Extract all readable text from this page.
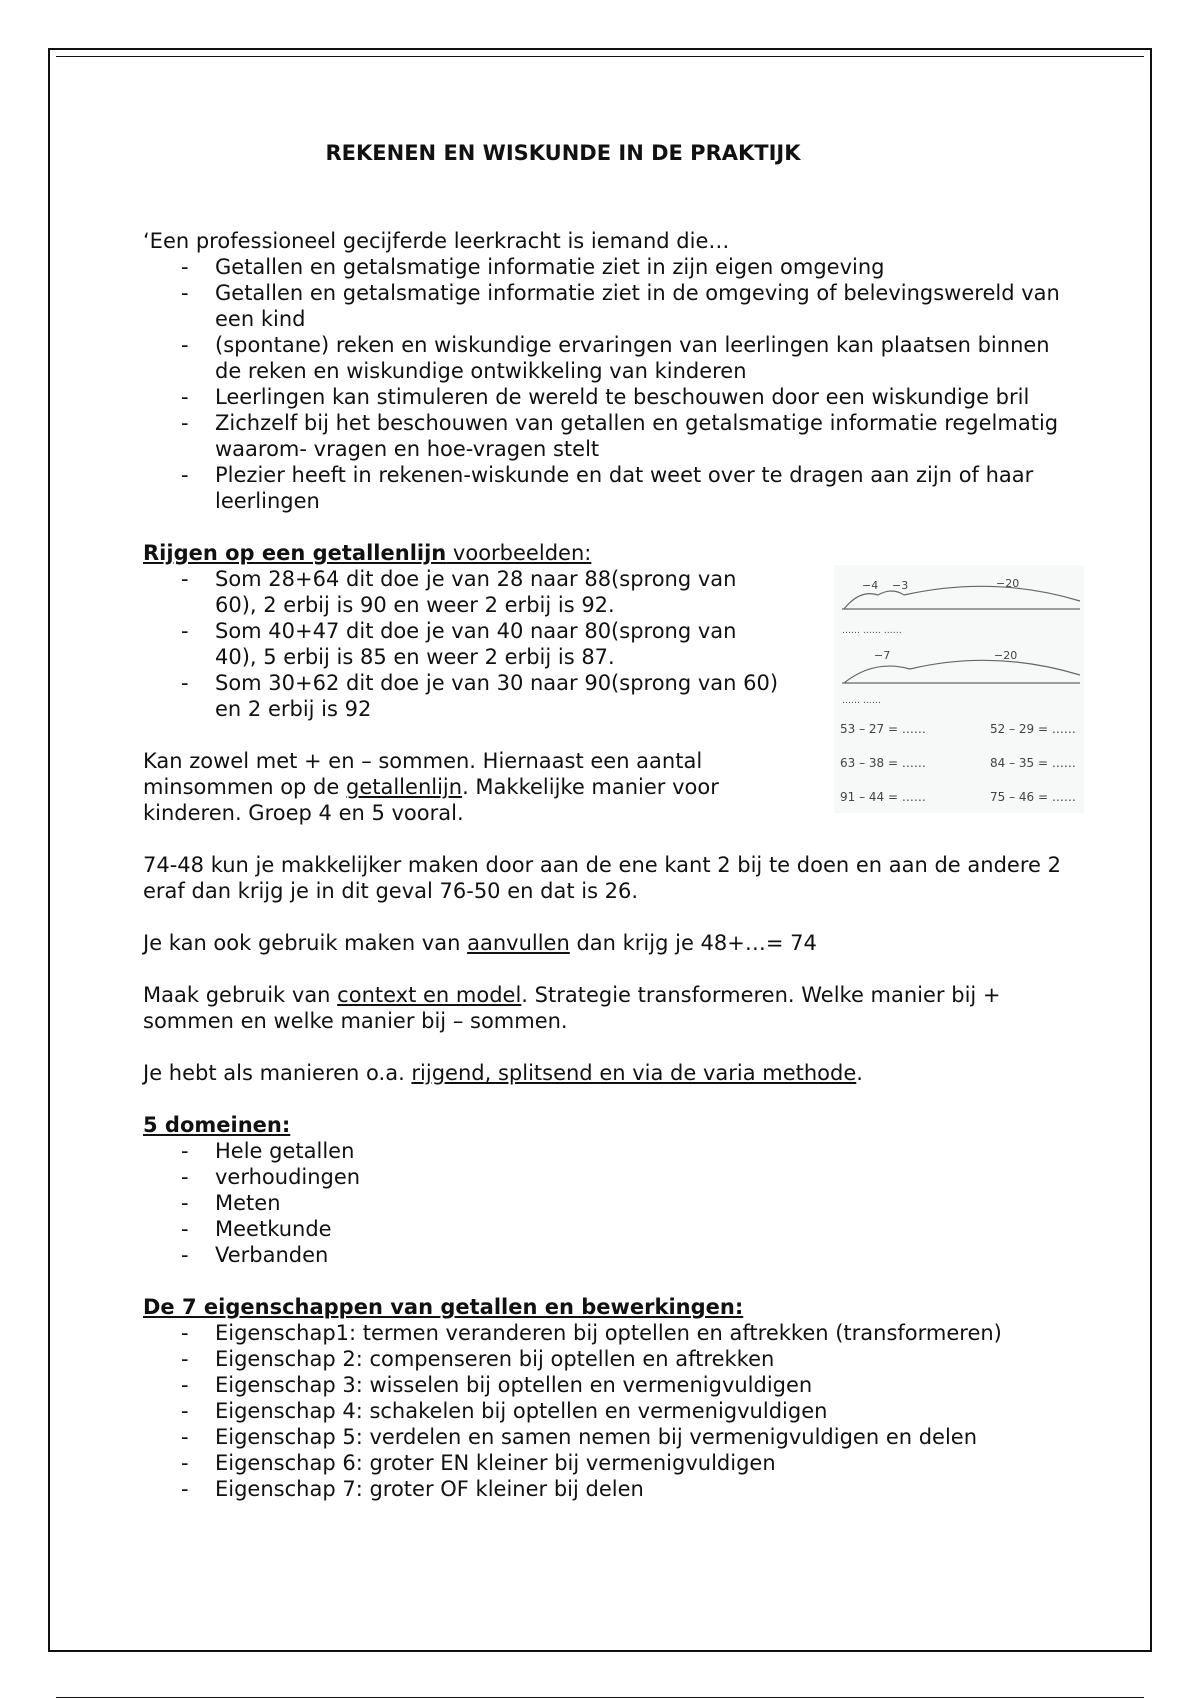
REKENEN EN WISKUNDE IN DE PRAKTIJK

‘Een professioneel gecijferde leerkracht is iemand die…

- Getallen en getalsmatige informatie ziet in zijn eigen omgeving
- Getallen en getalsmatige informatie ziet in de omgeving of belevingswereld van een kind
- (spontane) reken en wiskundige ervaringen van leerlingen kan plaatsen binnen de reken en wiskundige ontwikkeling van kinderen
- Leerlingen kan stimuleren de wereld te beschouwen door een wiskundige bril
- Zichzelf bij het beschouwen van getallen en getalsmatige informatie regelmatig waarom- vragen en hoe-vragen stelt
- Plezier heeft in rekenen-wiskunde en dat weet over te dragen aan zijn of haar leerlingen

Rijgen op een getallenlijn voorbeelden:

- Som 28+64 dit doe je van 28 naar 88(sprong van 60), 2 erbij is 90 en weer 2 erbij is 92.
- Som 40+47 dit doe je van 40 naar 80(sprong van 40), 5 erbij is 85 en weer 2 erbij is 87.
- Som 30+62 dit doe je van 30 naar 90(sprong van 60) en 2 erbij is 92

Kan zowel met + en – sommen. Hiernaast een aantal minsommen op de getallenlijn. Makkelijke manier voor kinderen. Groep 4 en 5 vooral.

74-48 kun je makkelijker maken door aan de ene kant 2 bij te doen en aan de andere 2 eraf dan krijg je in dit geval 76-50 en dat is 26.

Je kan ook gebruik maken van aanvullen dan krijg je 48+…= 74

Maak gebruik van context en model. Strategie transformeren. Welke manier bij + sommen en welke manier bij – sommen.

Je hebt als manieren o.a. rijgend, splitsend en via de varia methode.

5 domeinen:

- Hele getallen
- verhoudingen
- Meten
- Meetkunde
- Verbanden

De 7 eigenschappen van getallen en bewerkingen:

- Eigenschap1: termen veranderen bij optellen en aftrekken (transformeren)
- Eigenschap 2: compenseren bij optellen en aftrekken
- Eigenschap 3: wisselen bij optellen en vermenigvuldigen
- Eigenschap 4: schakelen bij optellen en vermenigvuldigen
- Eigenschap 5: verdelen en samen nemen bij vermenigvuldigen en delen
- Eigenschap 6: groter EN kleiner bij vermenigvuldigen
- Eigenschap 7: groter OF kleiner bij delen
−4 −3	−20
…… …… ……
−7	−20
…… ……
53 – 27 = ……	52 – 29 = ……
63 – 38 = ……	84 – 35 = ……
91 – 44 = ……	75 – 46 = ……
